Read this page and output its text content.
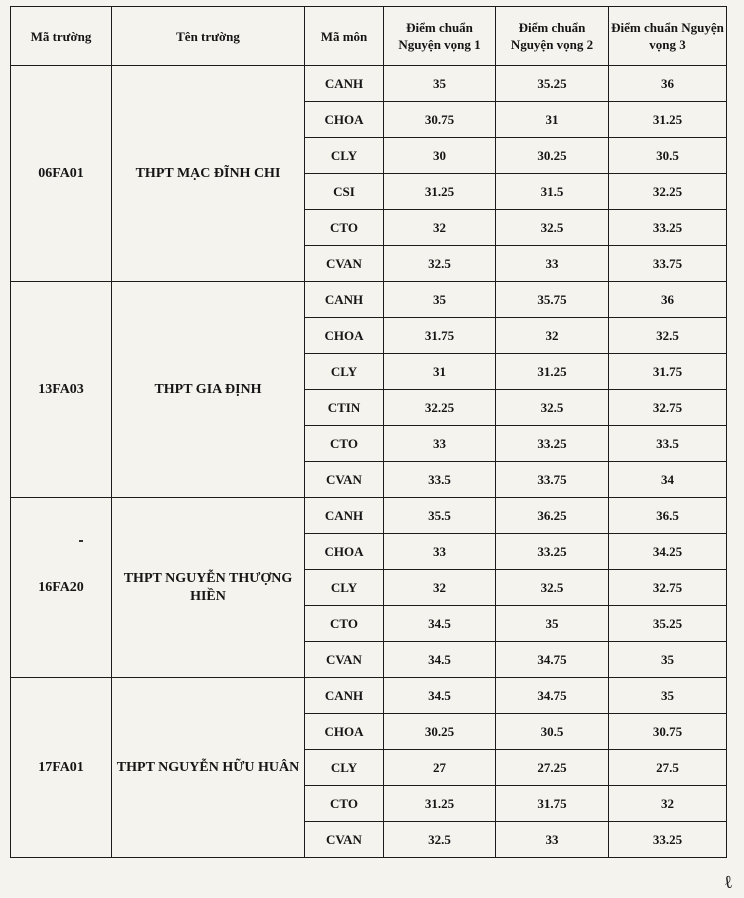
Mã trường	Tên trường	Mã môn	Điểm chuẩn Nguyện vọng 1	Điểm chuẩn Nguyện vọng 2	Điểm chuẩn Nguyện vọng 3
06FA01	THPT MẠC ĐĨNH CHI	CANH	35	35.25	36
		CHOA	30.75	31	31.25
		CLY	30	30.25	30.5
		CSI	31.25	31.5	32.25
		CTO	32	32.5	33.25
		CVAN	32.5	33	33.75
13FA03	THPT GIA ĐỊNH	CANH	35	35.75	36
		CHOA	31.75	32	32.5
		CLY	31	31.25	31.75
		CTIN	32.25	32.5	32.75
		CTO	33	33.25	33.5
		CVAN	33.5	33.75	34
16FA20	THPT NGUYỄN THƯỢNG HIỀN	CANH	35.5	36.25	36.5
		CHOA	33	33.25	34.25
		CLY	32	32.5	32.75
		CTO	34.5	35	35.25
		CVAN	34.5	34.75	35
17FA01	THPT NGUYỄN HỮU HUÂN	CANH	34.5	34.75	35
		CHOA	30.25	30.5	30.75
		CLY	27	27.25	27.5
		CTO	31.25	31.75	32
		CVAN	32.5	33	33.25
ℓ
